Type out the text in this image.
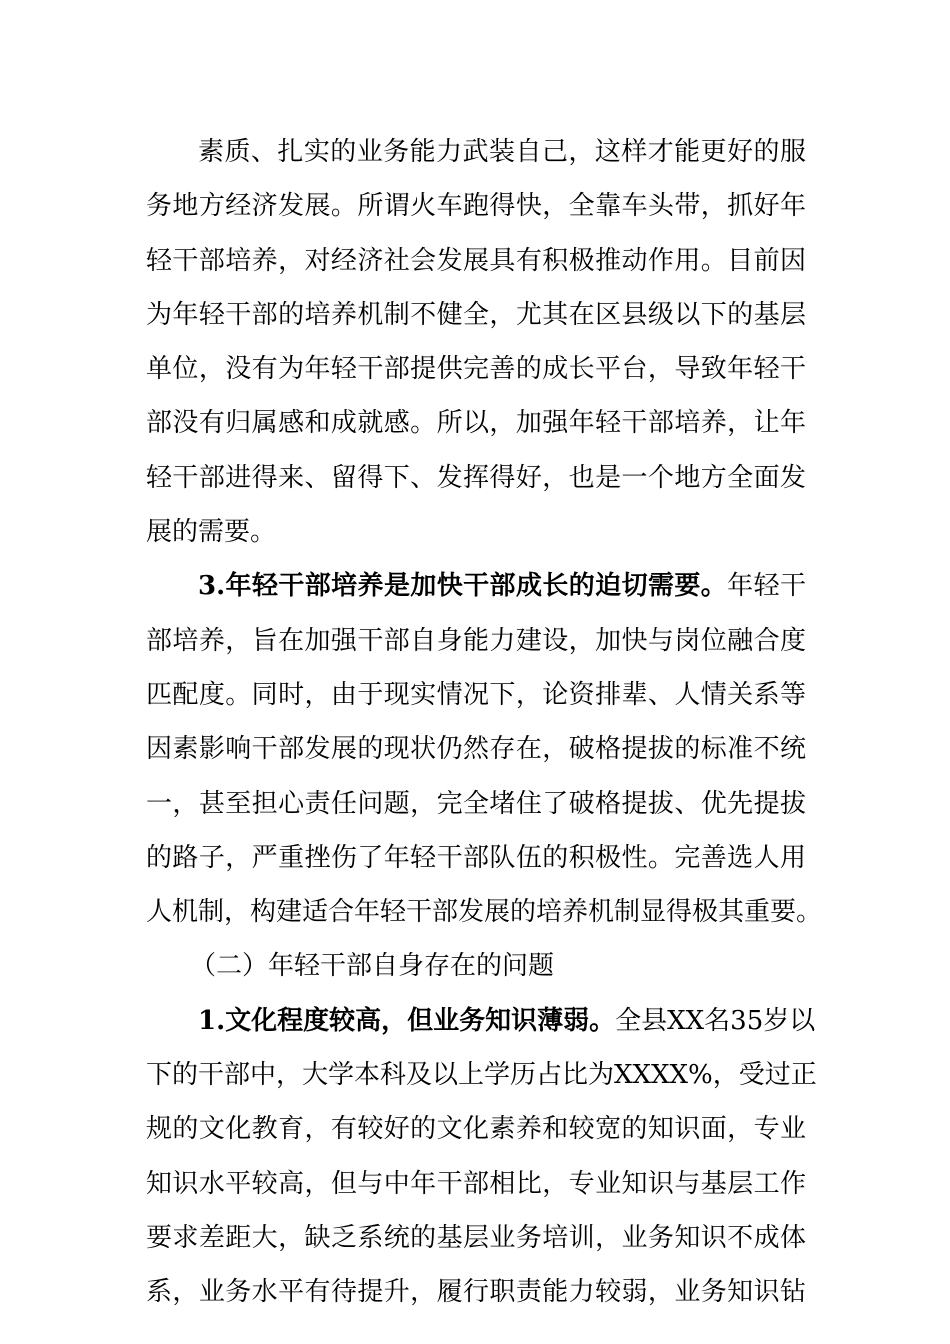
素质、扎实的业务能力武装自己，这样才能更好的服
务地方经济发展。所谓火车跑得快，全靠车头带，抓好年
轻干部培养，对经济社会发展具有积极推动作用。目前因
为年轻干部的培养机制不健全，尤其在区县级以下的基层
单位，没有为年轻干部提供完善的成长平台，导致年轻干
部没有归属感和成就感。所以，加强年轻干部培养，让年
轻干部进得来、留得下、发挥得好，也是一个地方全面发
展的需要。
3.年轻干部培养是加快干部成长的迫切需要。年轻干
部培养，旨在加强干部自身能力建设，加快与岗位融合度
匹配度。同时，由于现实情况下，论资排辈、人情关系等
因素影响干部发展的现状仍然存在，破格提拔的标准不统
一，甚至担心责任问题，完全堵住了破格提拔、优先提拔
的路子，严重挫伤了年轻干部队伍的积极性。完善选人用
人机制，构建适合年轻干部发展的培养机制显得极其重要。
（二）年轻干部自身存在的问题
1.文化程度较高，但业务知识薄弱。全县XX名35岁以
下的干部中，大学本科及以上学历占比为XXXX%，受过正
规的文化教育，有较好的文化素养和较宽的知识面，专业
知识水平较高，但与中年干部相比，专业知识与基层工作
要求差距大，缺乏系统的基层业务培训，业务知识不成体
系，业务水平有待提升，履行职责能力较弱，业务知识钻
